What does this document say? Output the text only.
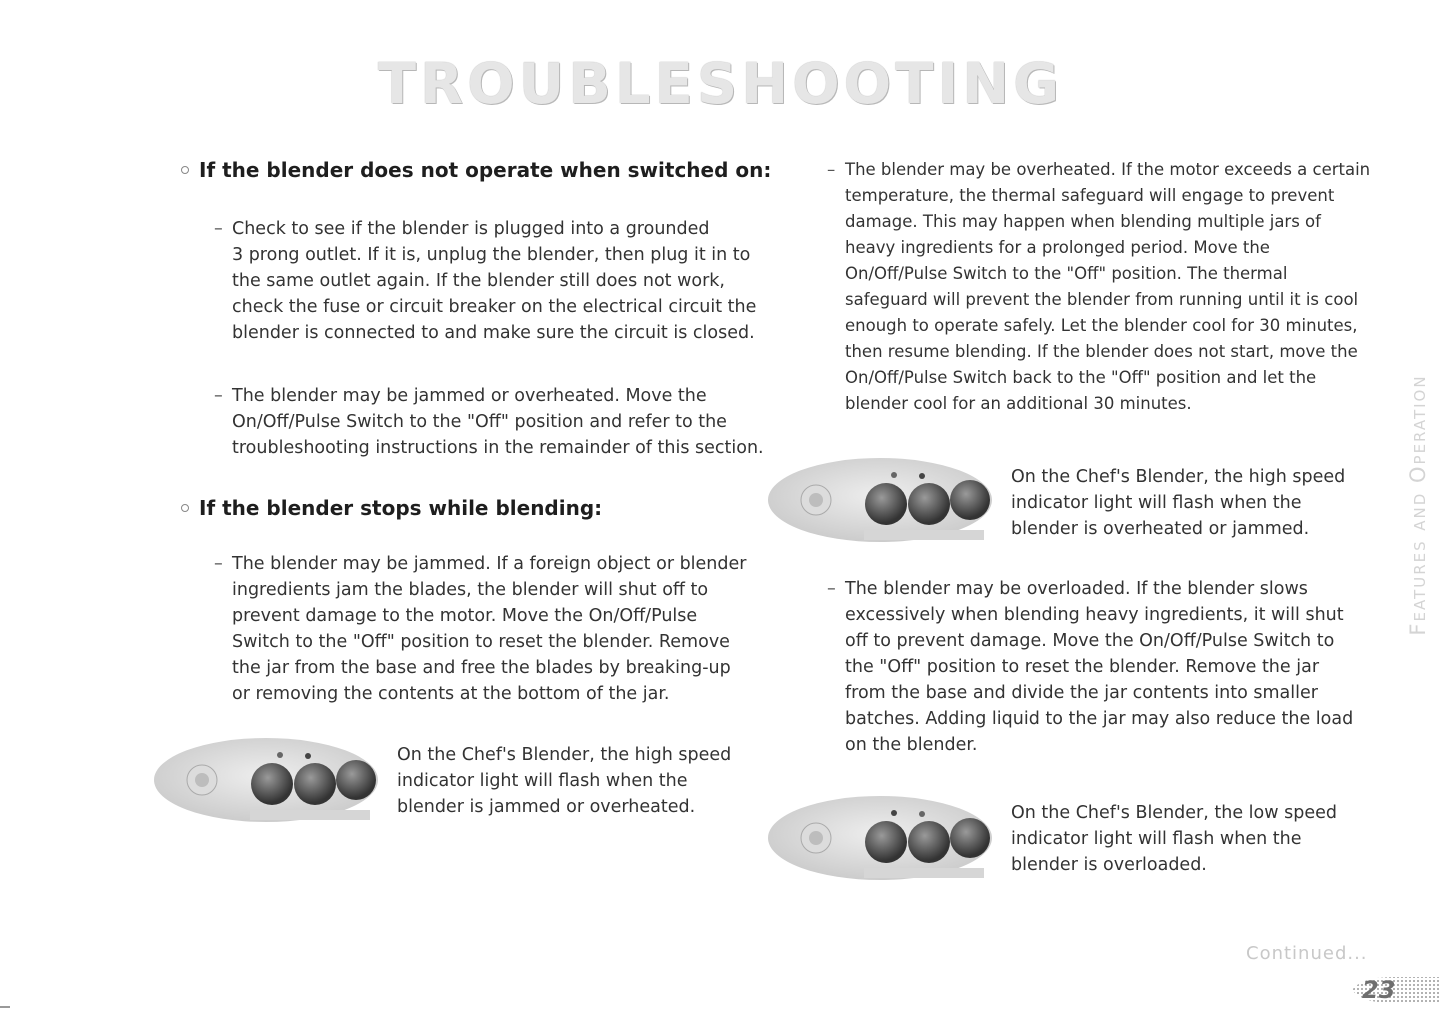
TROUBLESHOOTING
If the blender does not operate when switched on:
– Check to see if the blender is plugged into a grounded
3 prong outlet. If it is, unplug the blender, then plug it in to
the same outlet again. If the blender still does not work,
check the fuse or circuit breaker on the electrical circuit the
blender is connected to and make sure the circuit is closed.
– The blender may be jammed or overheated. Move the
On/Off/Pulse Switch to the "Off" position and refer to the
troubleshooting instructions in the remainder of this section.
If the blender stops while blending:
– The blender may be jammed. If a foreign object or blender
ingredients jam the blades, the blender will shut off to
prevent damage to the motor. Move the On/Off/Pulse
Switch to the "Off" position to reset the blender. Remove
the jar from the base and free the blades by breaking-up
or removing the contents at the bottom of the jar.
On the Chef's Blender, the high speed
indicator light will flash when the
blender is jammed or overheated.
– The blender may be overheated. If the motor exceeds a certain
temperature, the thermal safeguard will engage to prevent
damage. This may happen when blending multiple jars of
heavy ingredients for a prolonged period. Move the
On/Off/Pulse Switch to the "Off" position. The thermal
safeguard will prevent the blender from running until it is cool
enough to operate safely. Let the blender cool for 30 minutes,
then resume blending. If the blender does not start, move the
On/Off/Pulse Switch back to the "Off" position and let the
blender cool for an additional 30 minutes.
On the Chef's Blender, the high speed
indicator light will flash when the
blender is overheated or jammed.
– The blender may be overloaded. If the blender slows
excessively when blending heavy ingredients, it will shut
off to prevent damage. Move the On/Off/Pulse Switch to
the "Off" position to reset the blender. Remove the jar
from the base and divide the jar contents into smaller
batches. Adding liquid to the jar may also reduce the load
on the blender.
On the Chef's Blender, the low speed
indicator light will flash when the
blender is overloaded.
Features and Operation
Continued...
23
